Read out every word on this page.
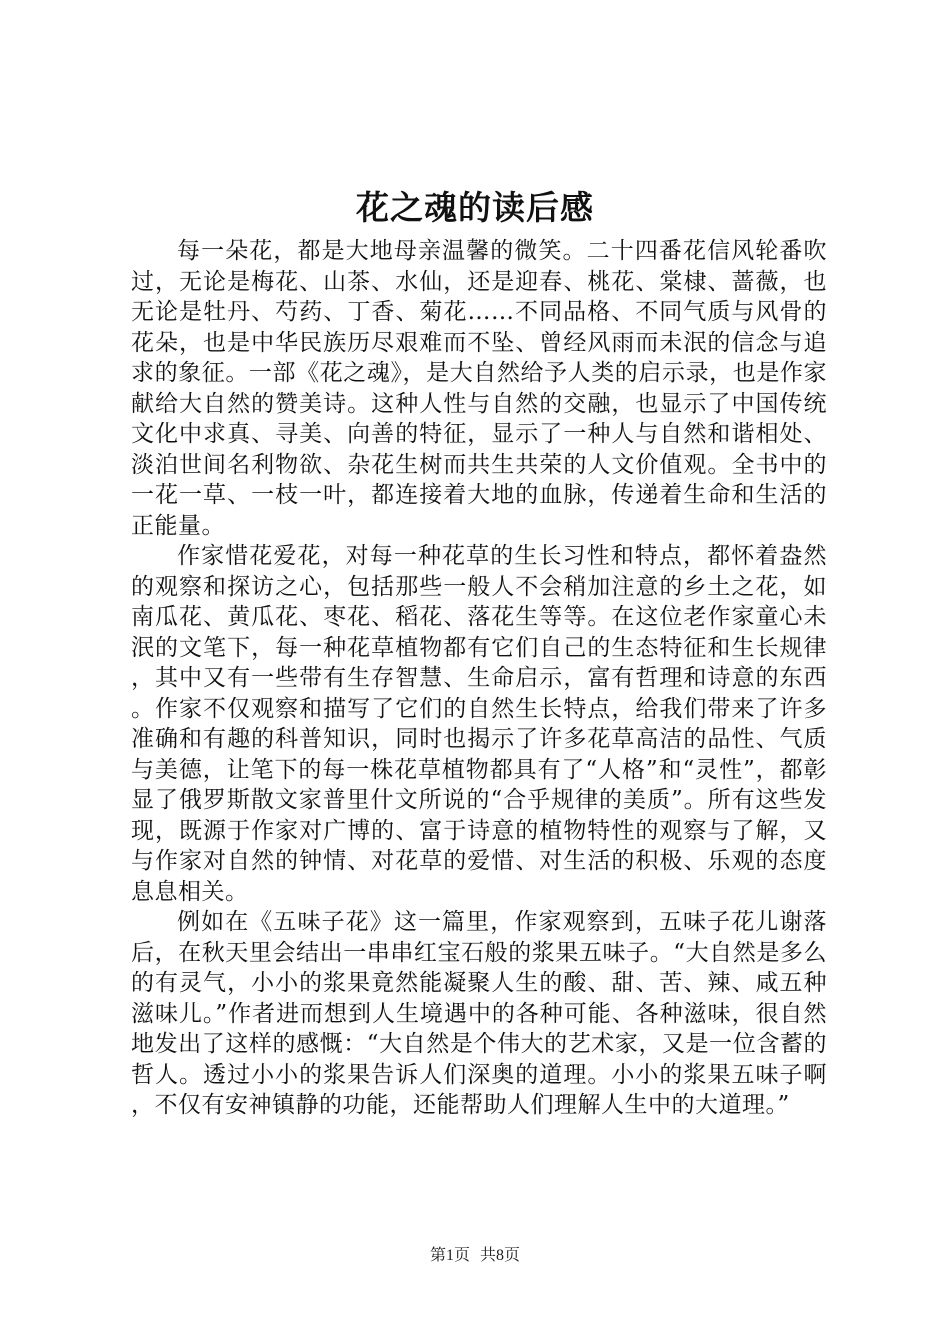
花之魂的读后感

每一朵花，都是大地母亲温馨的微笑。二十四番花信风轮番吹过，无论是梅花、山茶、水仙，还是迎春、桃花、棠棣、蔷薇，也无论是牡丹、芍药、丁香、菊花……不同品格、不同气质与风骨的花朵，也是中华民族历尽艰难而不坠、曾经风雨而未泯的信念与追求的象征。一部《花之魂》，是大自然给予人类的启示录，也是作家献给大自然的赞美诗。这种人性与自然的交融，也显示了中国传统文化中求真、寻美、向善的特征，显示了一种人与自然和谐相处、淡泊世间名利物欲、杂花生树而共生共荣的人文价值观。全书中的一花一草、一枝一叶，都连接着大地的血脉，传递着生命和生活的正能量。

作家惜花爱花，对每一种花草的生长习性和特点，都怀着盎然的观察和探访之心，包括那些一般人不会稍加注意的乡土之花，如南瓜花、黄瓜花、枣花、稻花、落花生等等。在这位老作家童心未泯的文笔下，每一种花草植物都有它们自己的生态特征和生长规律，其中又有一些带有生存智慧、生命启示，富有哲理和诗意的东西。作家不仅观察和描写了它们的自然生长特点，给我们带来了许多准确和有趣的科普知识，同时也揭示了许多花草高洁的品性、气质与美德，让笔下的每一株花草植物都具有了“人格”和“灵性”，都彰显了俄罗斯散文家普里什文所说的“合乎规律的美质”。所有这些发现，既源于作家对广博的、富于诗意的植物特性的观察与了解，又与作家对自然的钟情、对花草的爱惜、对生活的积极、乐观的态度息息相关。

例如在《五味子花》这一篇里，作家观察到，五味子花儿谢落后，在秋天里会结出一串串红宝石般的浆果五味子。“大自然是多么的有灵气，小小的浆果竟然能凝聚人生的酸、甜、苦、辣、咸五种滋味儿。”作者进而想到人生境遇中的各种可能、各种滋味，很自然地发出了这样的感慨：“大自然是个伟大的艺术家，又是一位含蓄的哲人。透过小小的浆果告诉人们深奥的道理。小小的浆果五味子啊，不仅有安神镇静的功能，还能帮助人们理解人生中的大道理。”

第1页 共8页
